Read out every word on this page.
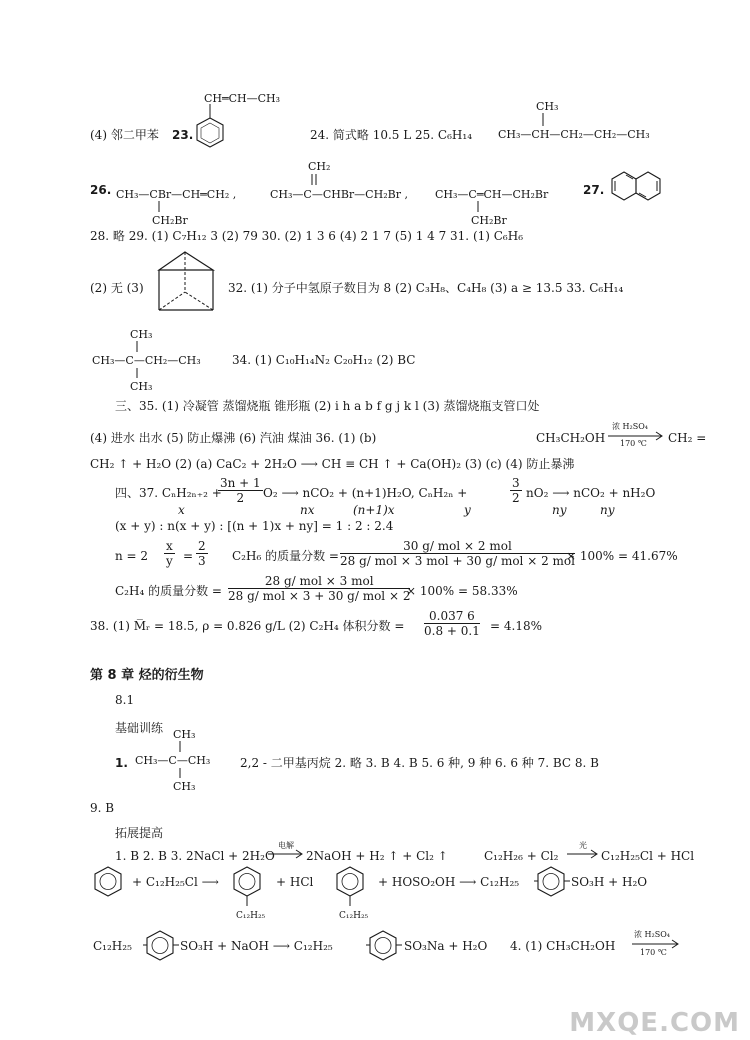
(4) 邻二甲苯 23.
CH═CH—CH₃
24. 简式略 10.5 L 25. C₆H₁₄
CH₃
CH₃—CH—CH₂—CH₂—CH₃
26. CH₃—CBr—CH═CH₂ ,
CH₂Br
CH₂
CH₃—C—CHBr—CH₂Br , CH₃—C═CH—CH₂Br
CH₂Br
27.
28. 略 29. (1) C₇H₁₂ 3 (2) 79 30. (2) 1 3 6 (4) 2 1 7 (5) 1 4 7 31. (1) C₆H₆
(2) 无 (3)	32. (1) 分子中氢原子数目为 8 (2) C₃H₈、C₄H₈ (3) a ≥ 13.5 33. C₆H₁₄
CH₃
CH₃—C—CH₂—CH₃
CH₃
34. (1) C₁₀H₁₄N₂ C₂₀H₁₂ (2) BC
三、35. (1) 冷凝管 蒸馏烧瓶 锥形瓶 (2) i h a b f g j k l (3) 蒸馏烧瓶支管口处
(4) 进水 出水 (5) 防止爆沸 (6) 汽油 煤油 36. (1) (b)	CH₃CH₂OH
浓 H₂SO₄
170 ℃ CH₂ =
CH₂ ↑ + H₂O (2) (a) CaC₂ + 2H₂O ⟶ CH ≡ CH ↑ + Ca(OH)₂ (3) (c) (4) 防止暴沸
四、37. CₙH₂ₙ₊₂ +
$\frac{3n + 1}{2} O_2$ ⟶ nCO₂ + (n+1)H₂O, CₙH₂ₙ +	$\frac{3}{2} nO_2$ ⟶ nCO₂ + nH₂O
x	nx	(n+1)x	y	ny	ny
(x + y) : n(x + y) : [(n + 1)x + ny] = 1 : 2 : 2.4
$n = 2 \frac{x}{y} = \frac{2}{3} C_2H_6$ 的质量分数 =
30 g/ mol × 2 mol
28 g/ mol × 3 mol + 30 g/ mol × 2 mol
× 100% = 41.67%
C₂H₄ 的质量分数 =
28 g/ mol × 3 mol
28 g/ mol × 3 + 30 g/ mol × 2
× 100% = 58.33%
38. (1) M̅ᵣ = 18.5, ρ = 0.826 g/L (2) C₂H₄ 体积分数 = $\frac{0.037 6}{0.8 + 0.1} = 4.18\%$
第 8 章 烃的衍生物
8.1
基础训练
1.
CH₃
CH₃—C—CH₃
CH₃
2,2 - 二甲基丙烷 2. 略 3. B 4. B 5. 6 种, 9 种 6. 6 种 7. BC 8. B
9. B
拓展提高
1. B 2. B 3. 2NaCl + 2H₂O
电解
2NaOH + H₂ ↑ + Cl₂ ↑	C₁₂H₂₆ + Cl₂
光
C₁₂H₂₅Cl + HCl
+ C₁₂H₂₅Cl ⟶
C₁₂H₂₅
+ HCl
C₁₂H₂₅
+ HOSO₂OH ⟶ C₁₂H₂₅	SO₃H + H₂O
C₁₂H₂₅	SO₃H + NaOH ⟶ C₁₂H₂₅	SO₃Na + H₂O 4. (1) CH₃CH₂OH
浓 H₂SO₄
170 ℃
MXQE.COM
